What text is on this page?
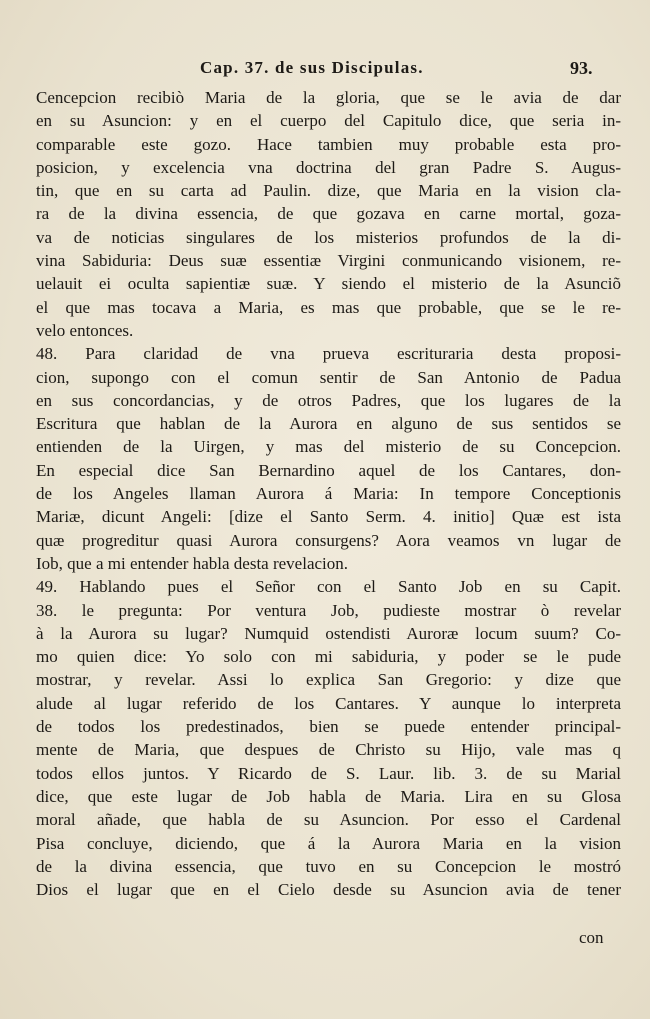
Cap. 37. de sus Discipulas.	93.
Cencepcion recibiò Maria de la gloria, que se le avia de dar
en su Asuncion: y en el cuerpo del Capitulo dice, que seria in-
comparable este gozo. Hace tambien muy probable esta pro-
posicion, y excelencia vna doctrina del gran Padre S. Augus-
tin, que en su carta ad Paulin. dize, que Maria en la vision cla-
ra de la divina essencia, de que gozava en carne mortal, goza-
va de noticias singulares de los misterios profundos de la di-
vina Sabiduria: Deus suæ essentiæ Virgini conmunicando visionem, re-
uelauit ei oculta sapientiæ suæ. Y siendo el misterio de la Asunciõ
el que mas tocava a Maria, es mas que probable, que se le re-
velo entonces.
48. Para claridad de vna prueva escrituraria desta proposi-
cion, supongo con el comun sentir de San Antonio de Padua
en sus concordancias, y de otros Padres, que los lugares de la
Escritura que hablan de la Aurora en alguno de sus sentidos se
entienden de la Uirgen, y mas del misterio de su Concepcion.
En especial dice San Bernardino aquel de los Cantares, don-
de los Angeles llaman Aurora á Maria: In tempore Conceptionis
Mariæ, dicunt Angeli: [dize el Santo Serm. 4. initio] Quæ est ista
quæ progreditur quasi Aurora consurgens? Aora veamos vn lugar de
Iob, que a mi entender habla desta revelacion.
49. Hablando pues el Señor con el Santo Job en su Capit.
38. le pregunta: Por ventura Job, pudieste mostrar ò revelar
à la Aurora su lugar? Numquid ostendisti Auroræ locum suum? Co-
mo quien dice: Yo solo con mi sabiduria, y poder se le pude
mostrar, y revelar. Assi lo explica San Gregorio: y dize que
alude al lugar referido de los Cantares. Y aunque lo interpreta
de todos los predestinados, bien se puede entender principal-
mente de Maria, que despues de Christo su Hijo, vale mas q
todos ellos juntos. Y Ricardo de S. Laur. lib. 3. de su Marial
dice, que este lugar de Job habla de Maria. Lira en su Glosa
moral añade, que habla de su Asuncion. Por esso el Cardenal
Pisa concluye, diciendo, que á la Aurora Maria en la vision
de la divina essencia, que tuvo en su Concepcion le mostró
Dios el lugar que en el Cielo desde su Asuncion avia de tener
con
